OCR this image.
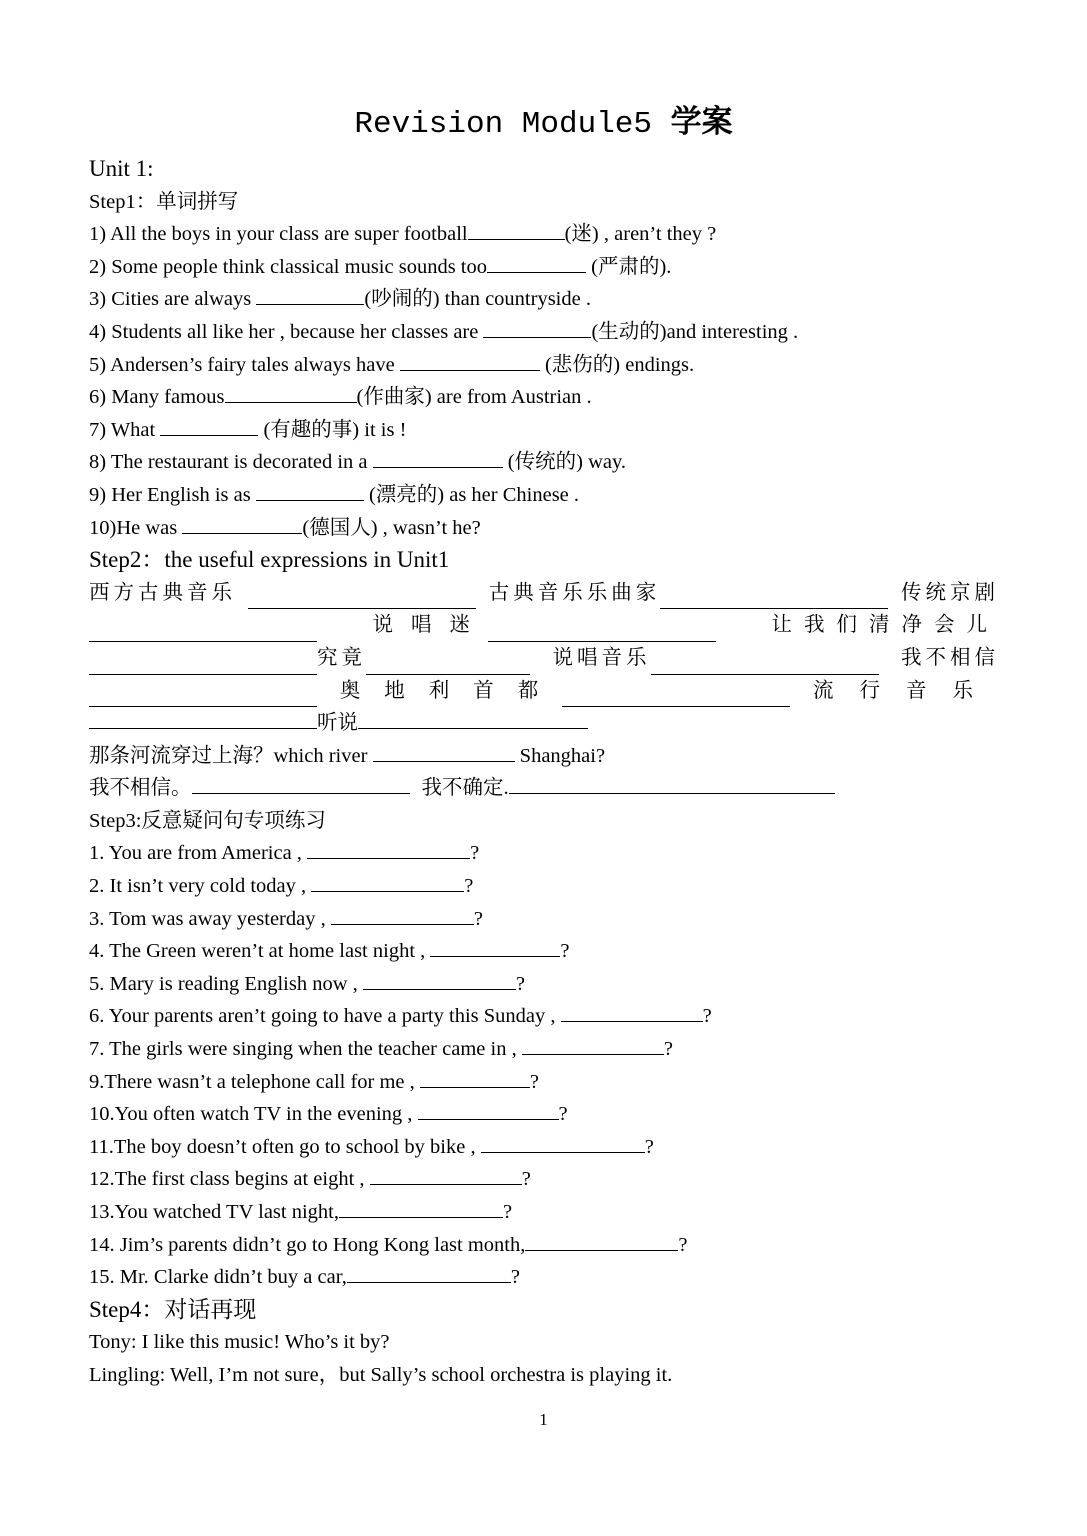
Revision Module5 学案
Unit 1:
Step1：单词拼写
1) All the boys in your class are super football	(迷) , aren’t they ?
2) Some people think classical music sounds too	(严肃的).
3) Cities are always	(吵闹的) than countryside .
4) Students all like her , because her classes are	(生动的)and interesting .
5) Andersen’s fairy tales always have	(悲伤的) endings.
6) Many famous	(作曲家) are from Austrian .
7) What	(有趣的事) it is !
8) The restaurant is decorated in a	(传统的) way.
9) Her English is as	(漂亮的) as her Chinese .
10)He was	(德国人) , wasn’t he?
Step2：the useful expressions in Unit1
西方古典音乐	古典音乐乐曲家	传统京剧
说唱迷	让我们清净会儿
究竟	说唱音乐	我不相信
奥地利首都	流行音乐
听说
那条河流穿过上海？which river	Shanghai?
我不相信。	我不确定.
Step3:反意疑问句专项练习
1. You are from America ,	?
2. It isn’t very cold today ,	?
3. Tom was away yesterday ,	?
4. The Green weren’t at home last night ,	?
5. Mary is reading English now ,	?
6. Your parents aren’t going to have a party this Sunday ,	?
7. The girls were singing when the teacher came in ,	?
9.There wasn’t a telephone call for me ,	?
10.You often watch TV in the evening ,	?
11.The boy doesn’t often go to school by bike ,	?
12.The first class begins at eight ,	?
13.You watched TV last night,	?
14. Jim’s parents didn’t go to Hong Kong last month,	?
15. Mr. Clarke didn’t buy a car,	?
Step4：对话再现
Tony: I like this music! Who’s it by?
Lingling: Well, I’m not sure，but Sally’s school orchestra is playing it.
1
